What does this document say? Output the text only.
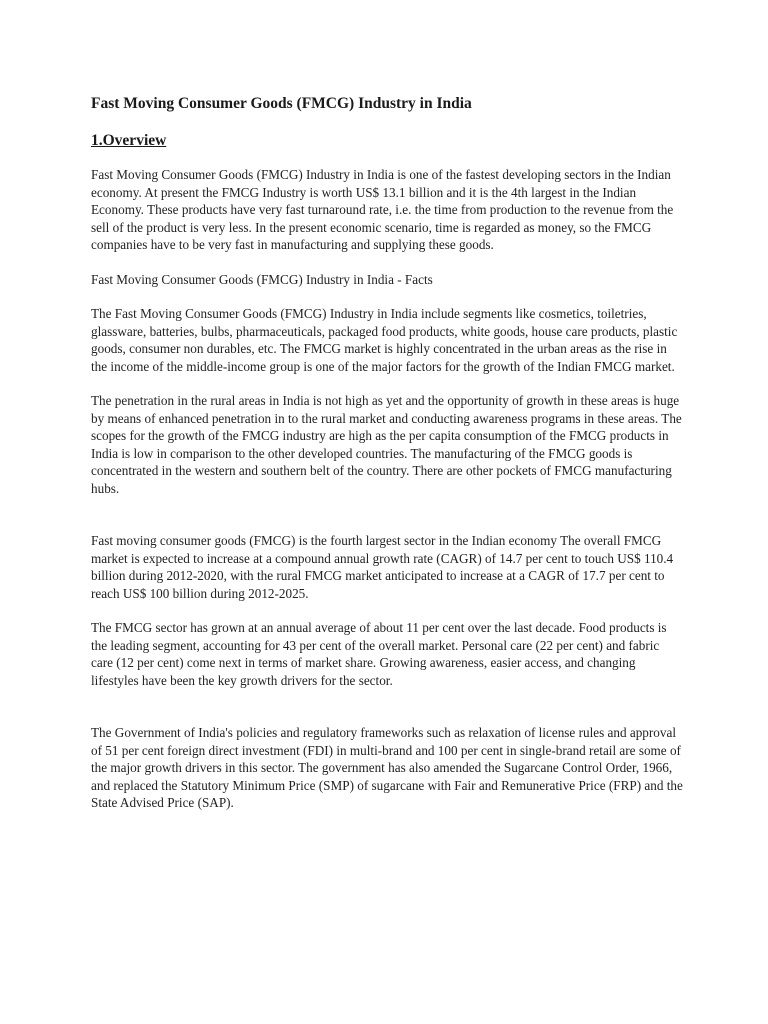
Fast Moving Consumer Goods (FMCG) Industry in India
1.Overview

Fast Moving Consumer Goods (FMCG) Industry in India is one of the fastest developing sectors in the Indian economy. At present the FMCG Industry is worth US$ 13.1 billion and it is the 4th largest in the Indian Economy. These products have very fast turnaround rate, i.e. the time from production to the revenue from the sell of the product is very less. In the present economic scenario, time is regarded as money, so the FMCG companies have to be very fast in manufacturing and supplying these goods.

Fast Moving Consumer Goods (FMCG) Industry in India - Facts

The Fast Moving Consumer Goods (FMCG) Industry in India include segments like cosmetics, toiletries, glassware, batteries, bulbs, pharmaceuticals, packaged food products, white goods, house care products, plastic goods, consumer non durables, etc. The FMCG market is highly concentrated in the urban areas as the rise in the income of the middle-income group is one of the major factors for the growth of the Indian FMCG market.

The penetration in the rural areas in India is not high as yet and the opportunity of growth in these areas is huge by means of enhanced penetration in to the rural market and conducting awareness programs in these areas. The scopes for the growth of the FMCG industry are high as the per capita consumption of the FMCG products in India is low in comparison to the other developed countries. The manufacturing of the FMCG goods is concentrated in the western and southern belt of the country. There are other pockets of FMCG manufacturing hubs.

Fast moving consumer goods (FMCG) is the fourth largest sector in the Indian economy The overall FMCG market is expected to increase at a compound annual growth rate (CAGR) of 14.7 per cent to touch US$ 110.4 billion during 2012-2020, with the rural FMCG market anticipated to increase at a CAGR of 17.7 per cent to reach US$ 100 billion during 2012-2025.

The FMCG sector has grown at an annual average of about 11 per cent over the last decade. Food products is the leading segment, accounting for 43 per cent of the overall market. Personal care (22 per cent) and fabric care (12 per cent) come next in terms of market share. Growing awareness, easier access, and changing lifestyles have been the key growth drivers for the sector.

The Government of India's policies and regulatory frameworks such as relaxation of license rules and approval of 51 per cent foreign direct investment (FDI) in multi-brand and 100 per cent in single-brand retail are some of the major growth drivers in this sector. The government has also amended the Sugarcane Control Order, 1966, and replaced the Statutory Minimum Price (SMP) of sugarcane with Fair and Remunerative Price (FRP) and the State Advised Price (SAP).
